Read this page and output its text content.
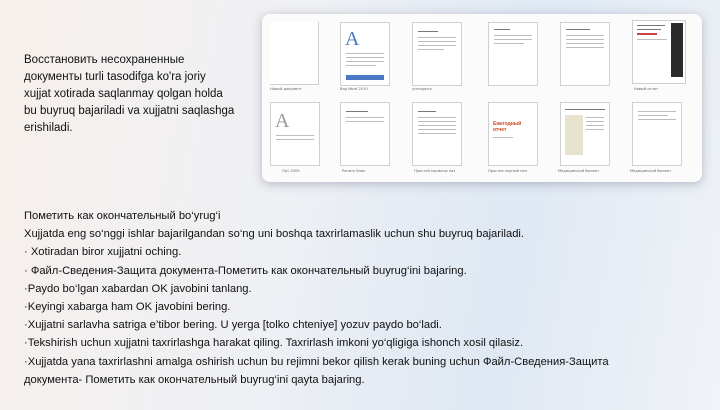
Восстановить несохраненные
документы turli tasodifga ko'ra joriy
xujjat xotirada saqlanmay qolgan holda
bu buyruq bajariladi va xujjatni saqlashga
erishiladi.
Новый документ
A
Bag Word 2010	усмторить	Новый отчет
A
Ла1 2009	Ранить блок	Простой корманы лаз
Ежегодный отчет
Простое хорный пан	Медицинский бюллет	Медицинский бюллет
Пометить как окончательный bo‘yrug‘i
Xujjatda eng so‘nggi ishlar bajarilgandan so‘ng uni boshqa taxrirlamaslik uchun shu buyruq bajariladi.
· Xotiradan biror xujjatni oching.
· Файл-Сведения-Защита документа-Пометить как окончательный buyrug‘ini bajaring.
·Paydo bo‘lgan xabardan OK javobini tanlang.
·Keyingi xabarga ham OK javobini bering.
·Xujjatni sarlavha satriga e’tibor bering. U yerga [tolko chteniye] yozuv paydo bo‘ladi.
·Tekshirish uchun xujjatni taxrirlashga harakat qiling. Taxrirlash imkoni yo‘qligiga ishonch xosil qilasiz.
·Xujjatda yana taxrirlashni amalga oshirish uchun bu rejimni bekor qilish kerak buning uchun Файл-Сведения-Защита
документа- Пометить как окончательный buyrug‘ini qayta bajaring.
